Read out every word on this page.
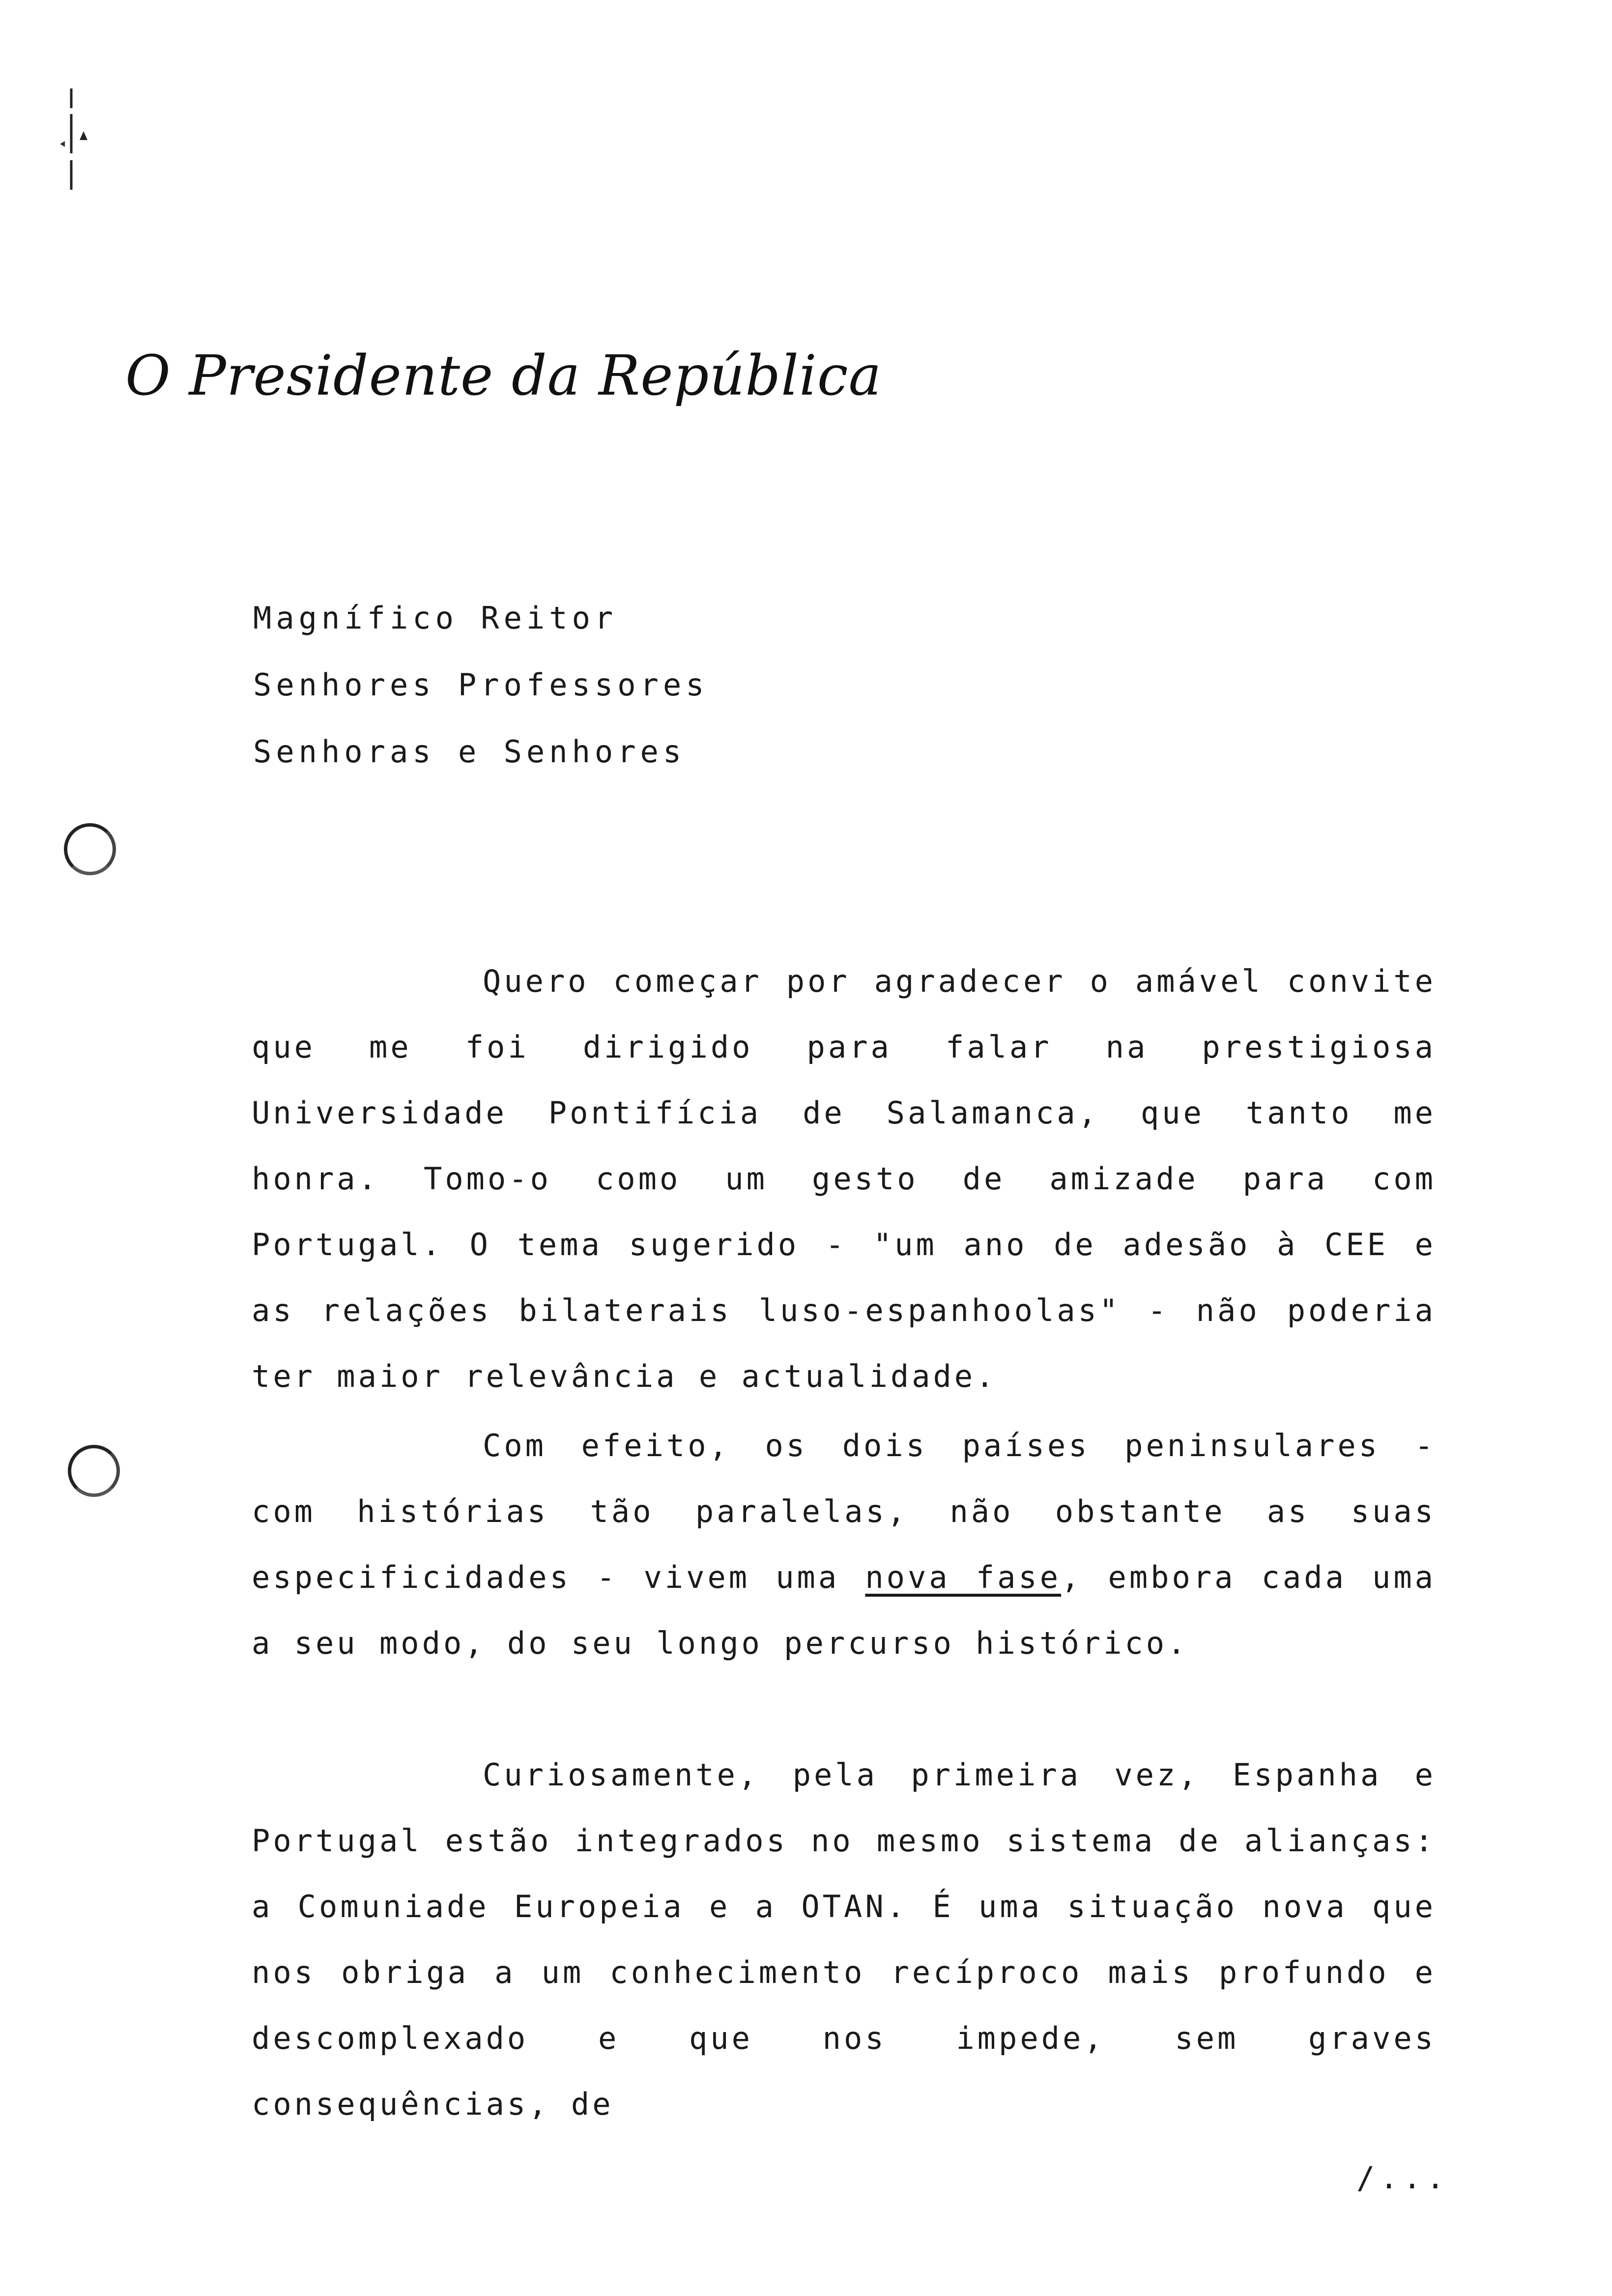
O Presidente da República
Magnífico Reitor
Senhores Professores
Senhoras e Senhores
Quero começar por agradecer o amável convite que me foi dirigido para falar na prestigiosa Universidade Pontifícia de Salamanca, que tanto me honra. Tomo-o como um gesto de amizade para com Portugal. O tema sugerido - "um ano de adesão à CEE e as relações bilaterais luso-espanhoolas" - não poderia ter maior relevância e actualidade.
Com efeito, os dois países peninsulares - com histórias tão paralelas, não obstante as suas especificidades - vivem uma nova fase, embora cada uma a seu modo, do seu longo percurso histórico.
Curiosamente, pela primeira vez, Espanha e Portugal estão integrados no mesmo sistema de alianças: a Comuniade Europeia e a OTAN. É uma situação nova que nos obriga a um conhecimento recíproco mais profundo e descomplexado e que nos impede, sem graves consequências, de
/...
